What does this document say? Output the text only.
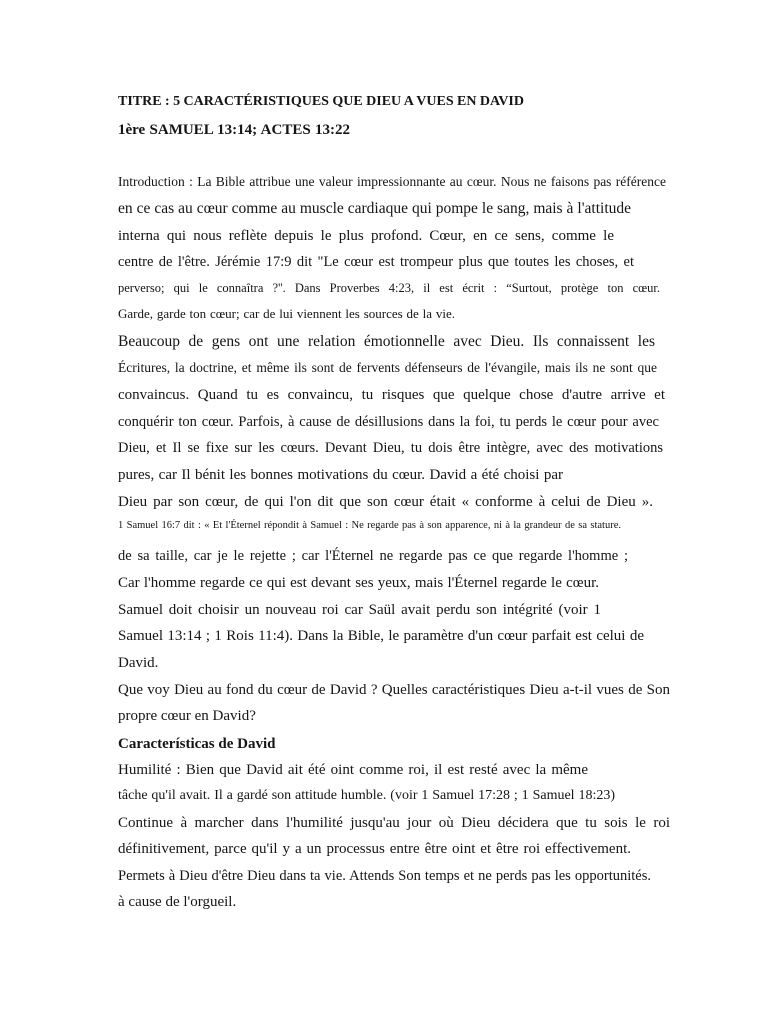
TITRE : 5 CARACTÉRISTIQUES QUE DIEU A VUES EN DAVID
1ère SAMUEL 13:14; ACTES 13:22
Introduction : La Bible attribue une valeur impressionnante au cœur. Nous ne faisons pas référence
en ce cas au cœur comme au muscle cardiaque qui pompe le sang, mais à l'attitude
interna qui nous reflète depuis le plus profond. Cœur, en ce sens, comme le
centre de l'être. Jérémie 17:9 dit "Le cœur est trompeur plus que toutes les choses, et
perverso; qui le connaîtra ?''. Dans Proverbes 4:23, il est écrit : “Surtout, protège ton cœur.
Garde, garde ton cœur; car de lui viennent les sources de la vie.
Beaucoup de gens ont une relation émotionnelle avec Dieu. Ils connaissent les
Écritures, la doctrine, et même ils sont de fervents défenseurs de l'évangile, mais ils ne sont que
convaincus. Quand tu es convaincu, tu risques que quelque chose d'autre arrive et
conquérir ton cœur. Parfois, à cause de désillusions dans la foi, tu perds le cœur pour avec
Dieu, et Il se fixe sur les cœurs. Devant Dieu, tu dois être intègre, avec des motivations
pures, car Il bénit les bonnes motivations du cœur. David a été choisi par
Dieu par son cœur, de qui l'on dit que son cœur était « conforme à celui de Dieu ».
1 Samuel 16:7 dit : « Et l'Éternel répondit à Samuel : Ne regarde pas à son apparence, ni à la grandeur de sa stature.
de sa taille, car je le rejette ; car l'Éternel ne regarde pas ce que regarde l'homme ;
Car l'homme regarde ce qui est devant ses yeux, mais l'Éternel regarde le cœur.
Samuel doit choisir un nouveau roi car Saül avait perdu son intégrité (voir 1
Samuel 13:14 ; 1 Rois 11:4). Dans la Bible, le paramètre d'un cœur parfait est celui de
David.
Que voy Dieu au fond du cœur de David ? Quelles caractéristiques Dieu a-t-il vues de Son
propre cœur en David?
Características de David
Humilité : Bien que David ait été oint comme roi, il est resté avec la même
tâche qu'il avait. Il a gardé son attitude humble. (voir 1 Samuel 17:28 ; 1 Samuel 18:23)
Continue à marcher dans l'humilité jusqu'au jour où Dieu décidera que tu sois le roi
définitivement, parce qu'il y a un processus entre être oint et être roi effectivement.
Permets à Dieu d'être Dieu dans ta vie. Attends Son temps et ne perds pas les opportunités.
à cause de l'orgueil.
